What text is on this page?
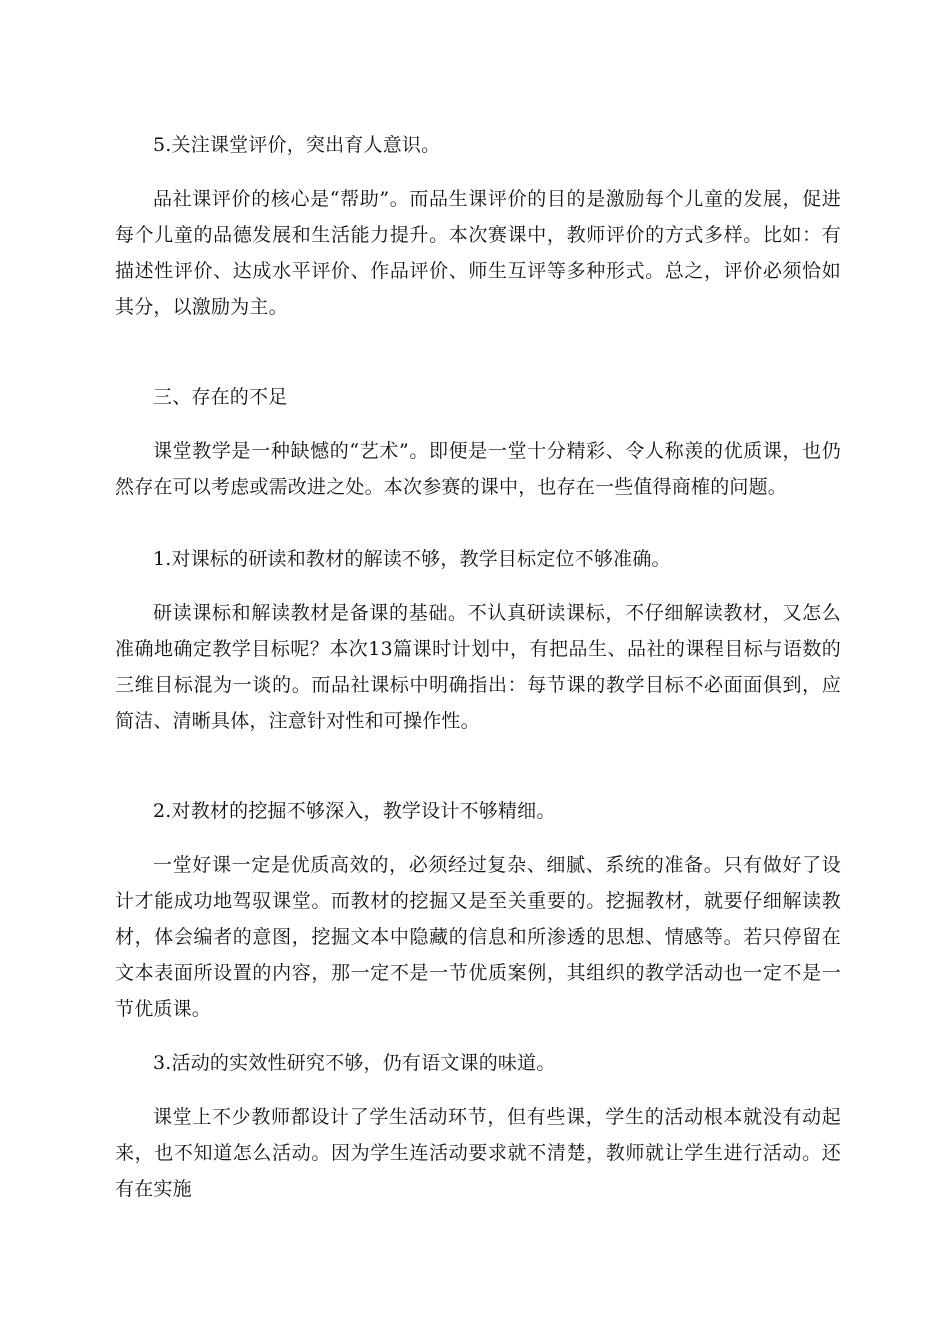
5.关注课堂评价，突出育人意识。

品社课评价的核心是“帮助”。而品生课评价的目的是激励每个儿童的发展，促进每个儿童的品德发展和生活能力提升。本次赛课中，教师评价的方式多样。比如：有描述性评价、达成水平评价、作品评价、师生互评等多种形式。总之，评价必须恰如其分，以激励为主。

三、存在的不足

课堂教学是一种缺憾的“艺术”。即便是一堂十分精彩、令人称羡的优质课，也仍然存在可以考虑或需改进之处。本次参赛的课中，也存在一些值得商榷的问题。

1.对课标的研读和教材的解读不够，教学目标定位不够准确。

研读课标和解读教材是备课的基础。不认真研读课标，不仔细解读教材，又怎么准确地确定教学目标呢？本次13篇课时计划中，有把品生、品社的课程目标与语数的三维目标混为一谈的。而品社课标中明确指出：每节课的教学目标不必面面俱到，应简洁、清晰具体，注意针对性和可操作性。

2.对教材的挖掘不够深入，教学设计不够精细。

一堂好课一定是优质高效的，必须经过复杂、细腻、系统的准备。只有做好了设计才能成功地驾驭课堂。而教材的挖掘又是至关重要的。挖掘教材，就要仔细解读教材，体会编者的意图，挖掘文本中隐藏的信息和所渗透的思想、情感等。若只停留在文本表面所设置的内容，那一定不是一节优质案例，其组织的教学活动也一定不是一节优质课。

3.活动的实效性研究不够，仍有语文课的味道。

课堂上不少教师都设计了学生活动环节，但有些课，学生的活动根本就没有动起来，也不知道怎么活动。因为学生连活动要求就不清楚，教师就让学生进行活动。还有在实施
